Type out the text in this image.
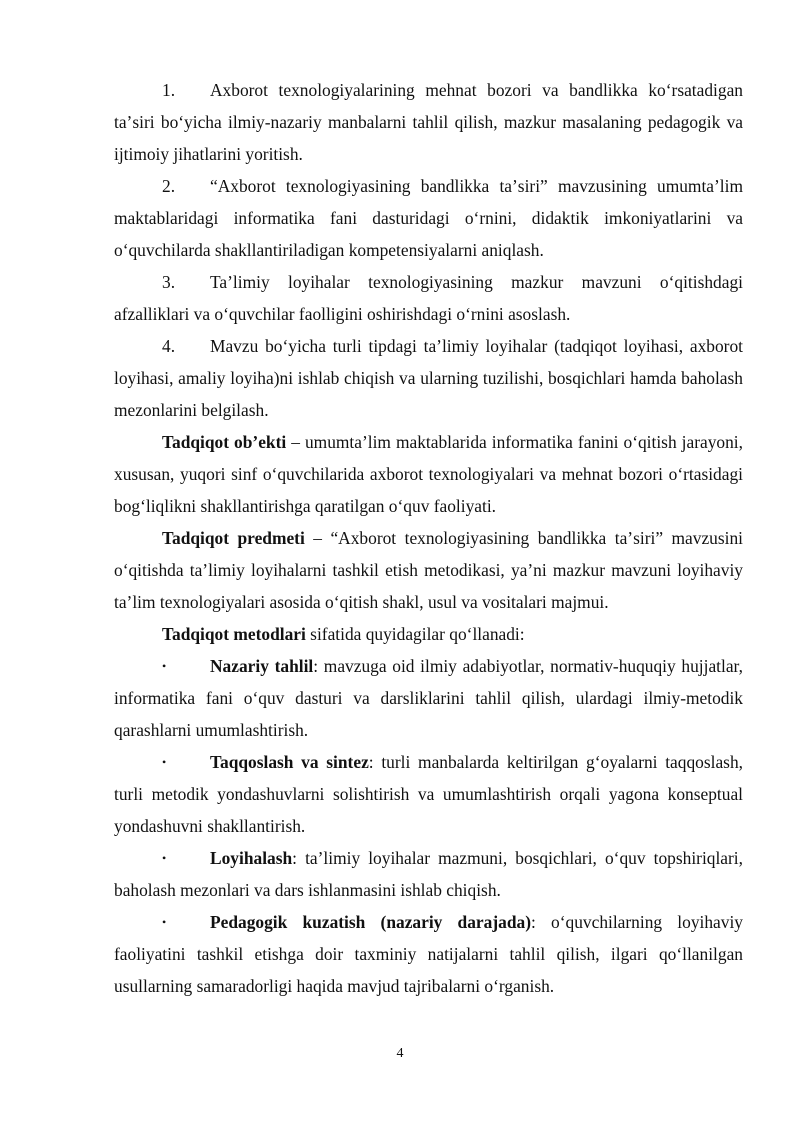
1. Axborot texnologiyalarining mehnat bozori va bandlikka koʻrsatadigan taʼsiri boʻyicha ilmiy-nazariy manbalarni tahlil qilish, mazkur masalaning pedagogik va ijtimoiy jihatlarini yoritish.

2. “Axborot texnologiyasining bandlikka taʼsiri” mavzusining umumtaʼlim maktablaridagi informatika fani dasturidagi oʻrnini, didaktik imkoniyatlarini va oʻquvchilarda shakllantiriladigan kompetensiyalarni aniqlash.

3. Taʼlimiy loyihalar texnologiyasining mazkur mavzuni oʻqitishdagi afzalliklari va oʻquvchilar faolligini oshirishdagi oʻrnini asoslash.

4. Mavzu boʻyicha turli tipdagi taʼlimiy loyihalar (tadqiqot loyihasi, axborot loyihasi, amaliy loyiha)ni ishlab chiqish va ularning tuzilishi, bosqichlari hamda baholash mezonlarini belgilash.

Tadqiqot obʼekti – umumtaʼlim maktablarida informatika fanini oʻqitish jarayoni, xususan, yuqori sinf oʻquvchilarida axborot texnologiyalari va mehnat bozori oʻrtasidagi bogʻliqlikni shakllantirishga qaratilgan oʻquv faoliyati.

Tadqiqot predmeti – “Axborot texnologiyasining bandlikka taʼsiri” mavzusini oʻqitishda taʼlimiy loyihalarni tashkil etish metodikasi, yaʼni mazkur mavzuni loyihaviy taʼlim texnologiyalari asosida oʻqitish shakl, usul va vositalari majmui.

Tadqiqot metodlari sifatida quyidagilar qoʻllanadi:

•	Nazariy tahlil: mavzuga oid ilmiy adabiyotlar, normativ-huquqiy hujjatlar, informatika fani oʻquv dasturi va darsliklarini tahlil qilish, ulardagi ilmiy-metodik qarashlarni umumlashtirish.

•	Taqqoslash va sintez: turli manbalarda keltirilgan gʻoyalarni taqqoslash, turli metodik yondashuvlarni solishtirish va umumlashtirish orqali yagona konseptual yondashuvni shakllantirish.

•	Loyihalash: taʼlimiy loyihalar mazmuni, bosqichlari, oʻquv topshiriqlari, baholash mezonlari va dars ishlanmasini ishlab chiqish.

•	Pedagogik kuzatish (nazariy darajada): oʻquvchilarning loyihaviy faoliyatini tashkil etishga doir taxminiy natijalarni tahlil qilish, ilgari qoʻllanilgan usullarning samaradorligi haqida mavjud tajribalarni oʻrganish.

4
